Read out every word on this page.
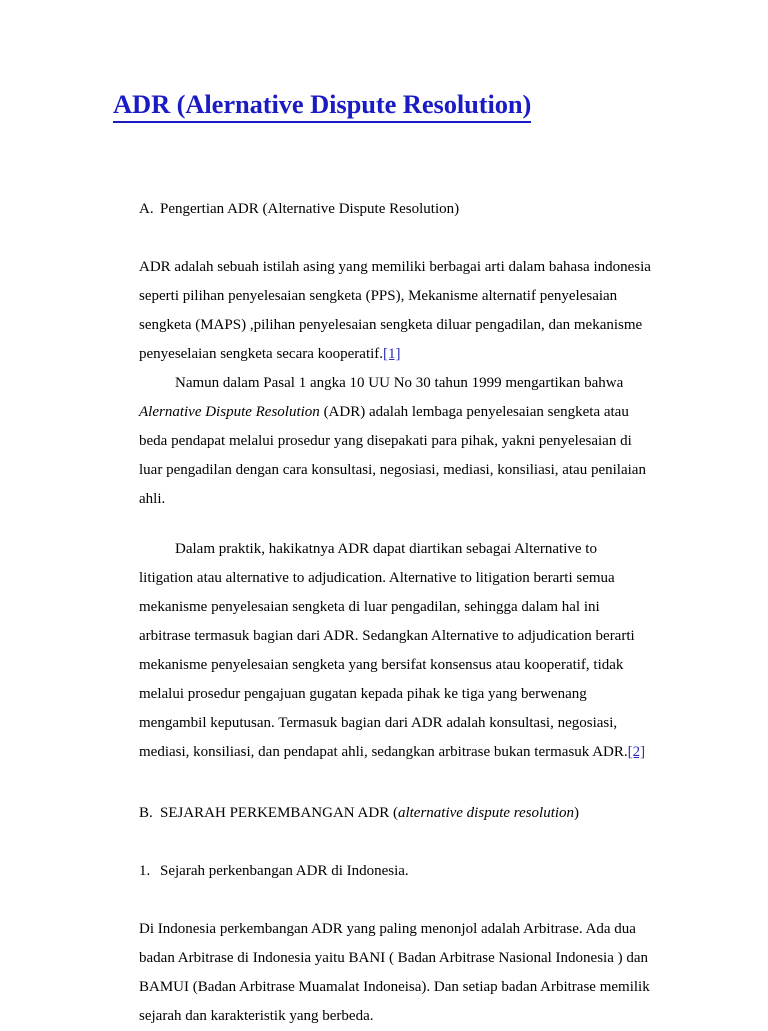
ADR (Alernative Dispute Resolution)
A. Pengertian ADR (Alternative Dispute Resolution)

ADR adalah sebuah istilah asing yang memiliki berbagai arti dalam bahasa indonesia seperti pilihan penyelesaian sengketa (PPS), Mekanisme alternatif penyelesaian sengketa (MAPS) ,pilihan penyelesaian sengketa diluar pengadilan, dan mekanisme penyeselaian sengketa secara kooperatif.[1]

Namun dalam Pasal 1 angka 10 UU No 30 tahun 1999 mengartikan bahwa Alernative Dispute Resolution (ADR) adalah lembaga penyelesaian sengketa atau beda pendapat melalui prosedur yang disepakati para pihak, yakni penyelesaian di luar pengadilan dengan cara konsultasi, negosiasi, mediasi, konsiliasi, atau penilaian ahli.

Dalam praktik, hakikatnya ADR dapat diartikan sebagai Alternative to litigation atau alternative to adjudication. Alternative to litigation berarti semua mekanisme penyelesaian sengketa di luar pengadilan, sehingga dalam hal ini arbitrase termasuk bagian dari ADR. Sedangkan Alternative to adjudication berarti mekanisme penyelesaian sengketa yang bersifat konsensus atau kooperatif, tidak melalui prosedur pengajuan gugatan kepada pihak ke tiga yang berwenang mengambil keputusan. Termasuk bagian dari ADR adalah konsultasi, negosiasi, mediasi, konsiliasi, dan pendapat ahli, sedangkan arbitrase bukan termasuk ADR.[2]

B. SEJARAH PERKEMBANGAN ADR (alternative dispute resolution)
1. Sejarah perkenbangan ADR di Indonesia.

Di Indonesia perkembangan ADR yang paling menonjol adalah Arbitrase. Ada dua badan Arbitrase di Indonesia yaitu BANI ( Badan Arbitrase Nasional Indonesia ) dan BAMUI (Badan Arbitrase Muamalat Indoneisa). Dan setiap badan Arbitrase memilik sejarah dan karakteristik yang berbeda.
